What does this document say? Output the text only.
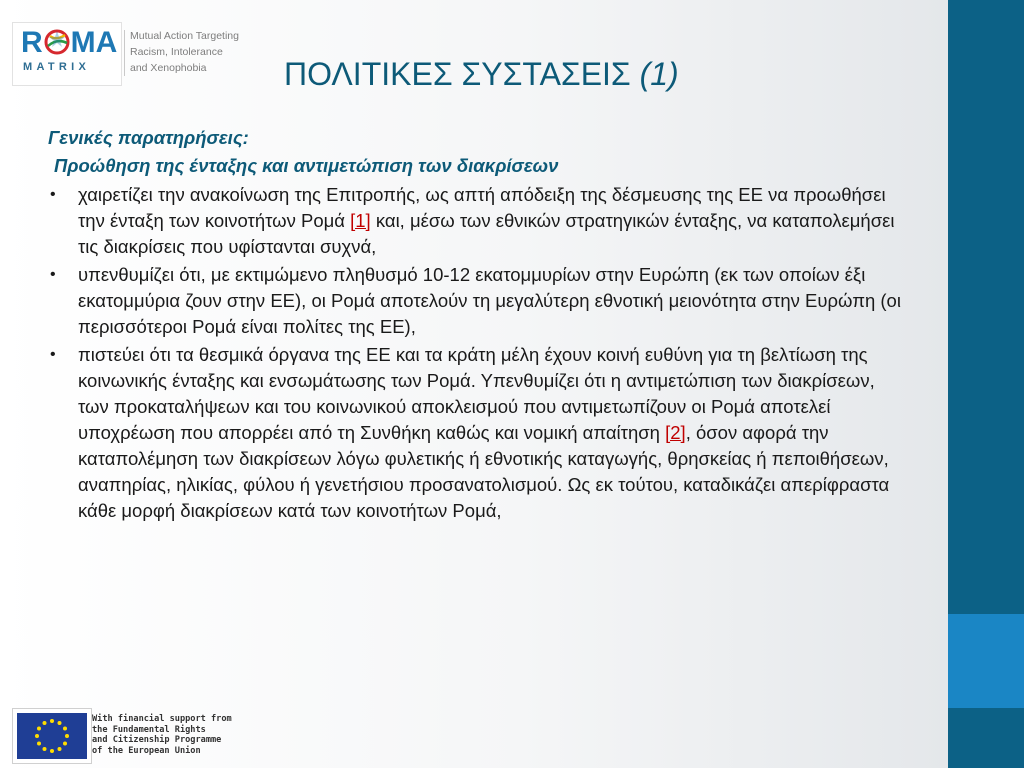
R MA
MATRIX
Mutual Action Targeting
Racism, Intolerance
and Xenophobia	ΠΟΛΙΤΙΚΕΣ ΣΥΣΤΑΣΕΙΣ (1)
Γενικές παρατηρήσεις:
Προώθηση της ένταξης και αντιμετώπιση των διακρίσεων
• χαιρετίζει την ανακοίνωση της Επιτροπής, ως απτή απόδειξη της δέσμευσης της ΕΕ να προωθήσει την ένταξη των κοινοτήτων Ρομά [1] και, μέσω των εθνικών στρατηγικών ένταξης, να καταπολεμήσει τις διακρίσεις που υφίστανται συχνά,
• υπενθυμίζει ότι, με εκτιμώμενο πληθυσμό 10-12 εκατομμυρίων στην Ευρώπη (εκ των οποίων έξι εκατομμύρια ζουν στην ΕΕ), οι Ρομά αποτελούν τη μεγαλύτερη εθνοτική μειονότητα στην Ευρώπη (οι περισσότεροι Ρομά είναι πολίτες της ΕΕ),
• πιστεύει ότι τα θεσμικά όργανα της ΕΕ και τα κράτη μέλη έχουν κοινή ευθύνη για τη βελτίωση της κοινωνικής ένταξης και ενσωμάτωσης των Ρομά. Υπενθυμίζει ότι η αντιμετώπιση των διακρίσεων, των προκαταλήψεων και του κοινωνικού αποκλεισμού που αντιμετωπίζουν οι Ρομά αποτελεί υποχρέωση που απορρέει από τη Συνθήκη καθώς και νομική απαίτηση [2], όσον αφορά την καταπολέμηση των διακρίσεων λόγω φυλετικής ή εθνοτικής καταγωγής, θρησκείας ή πεποιθήσεων, αναπηρίας, ηλικίας, φύλου ή γενετήσιου προσανατολισμού. Ως εκ τούτου, καταδικάζει απερίφραστα κάθε μορφή διακρίσεων κατά των κοινοτήτων Ρομά,
With financial support from
the Fundamental Rights
and Citizenship Programme
of the European Union
